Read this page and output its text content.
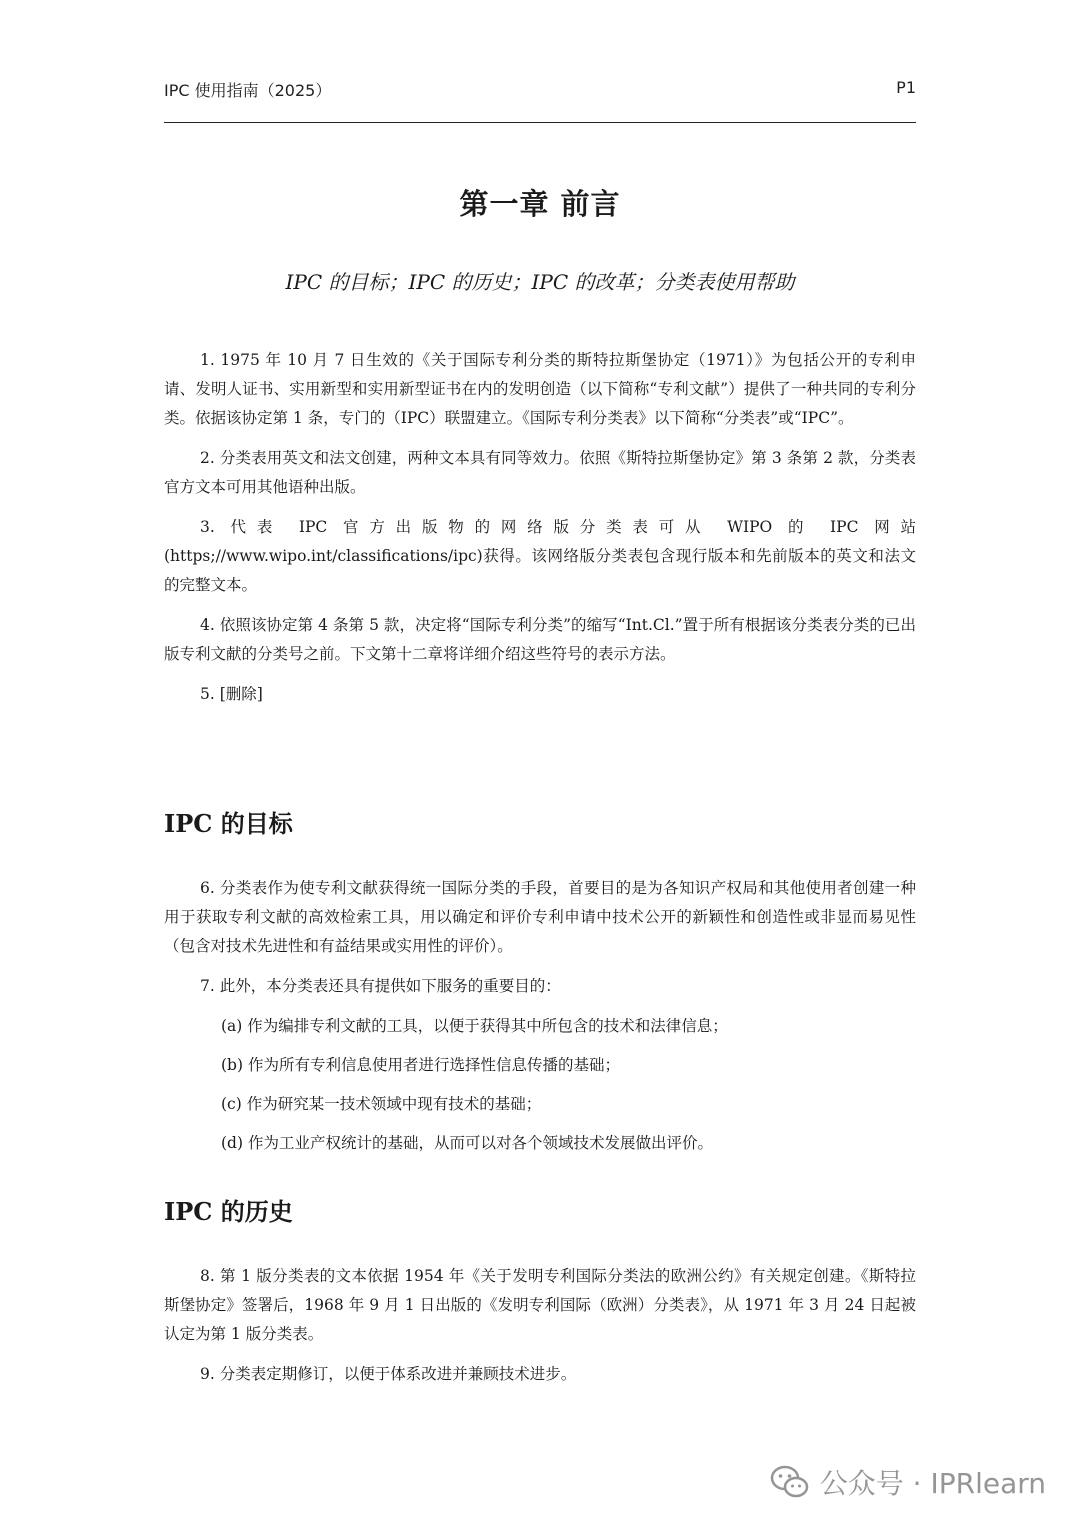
IPC 使用指南（2025）	P1
第一章 前言
IPC 的目标；IPC 的历史；IPC 的改革；分类表使用帮助

1. 1975 年 10 月 7 日生效的《关于国际专利分类的斯特拉斯堡协定（1971）》为包括公开的专利申请、发明人证书、实用新型和实用新型证书在内的发明创造（以下简称“专利文献”）提供了一种共同的专利分类。依据该协定第 1 条，专门的（IPC）联盟建立。《国际专利分类表》以下简称“分类表”或“IPC”。

2. 分类表用英文和法文创建，两种文本具有同等效力。依照《斯特拉斯堡协定》第 3 条第 2 款，分类表官方文本可用其他语种出版。

3. 代表 IPC 官方出版物的网络版分类表可从 WIPO 的 IPC 网站 (https;//www.wipo.int/classifications/ipc)获得。该网络版分类表包含现行版本和先前版本的英文和法文的完整文本。

4. 依照该协定第 4 条第 5 款，决定将“国际专利分类”的缩写“Int.Cl.”置于所有根据该分类表分类的已出版专利文献的分类号之前。下文第十二章将详细介绍这些符号的表示方法。

5. [删除]

IPC 的目标

6. 分类表作为使专利文献获得统一国际分类的手段，首要目的是为各知识产权局和其他使用者创建一种用于获取专利文献的高效检索工具，用以确定和评价专利申请中技术公开的新颖性和创造性或非显而易见性（包含对技术先进性和有益结果或实用性的评价）。

7. 此外，本分类表还具有提供如下服务的重要目的：

(a) 作为编排专利文献的工具，以便于获得其中所包含的技术和法律信息；

(b) 作为所有专利信息使用者进行选择性信息传播的基础；

(c) 作为研究某一技术领域中现有技术的基础；

(d) 作为工业产权统计的基础，从而可以对各个领域技术发展做出评价。

IPC 的历史

8. 第 1 版分类表的文本依据 1954 年《关于发明专利国际分类法的欧洲公约》有关规定创建。《斯特拉斯堡协定》签署后，1968 年 9 月 1 日出版的《发明专利国际（欧洲）分类表》，从 1971 年 3 月 24 日起被认定为第 1 版分类表。

9. 分类表定期修订，以便于体系改进并兼顾技术进步。

公众号 · IPRlearn
